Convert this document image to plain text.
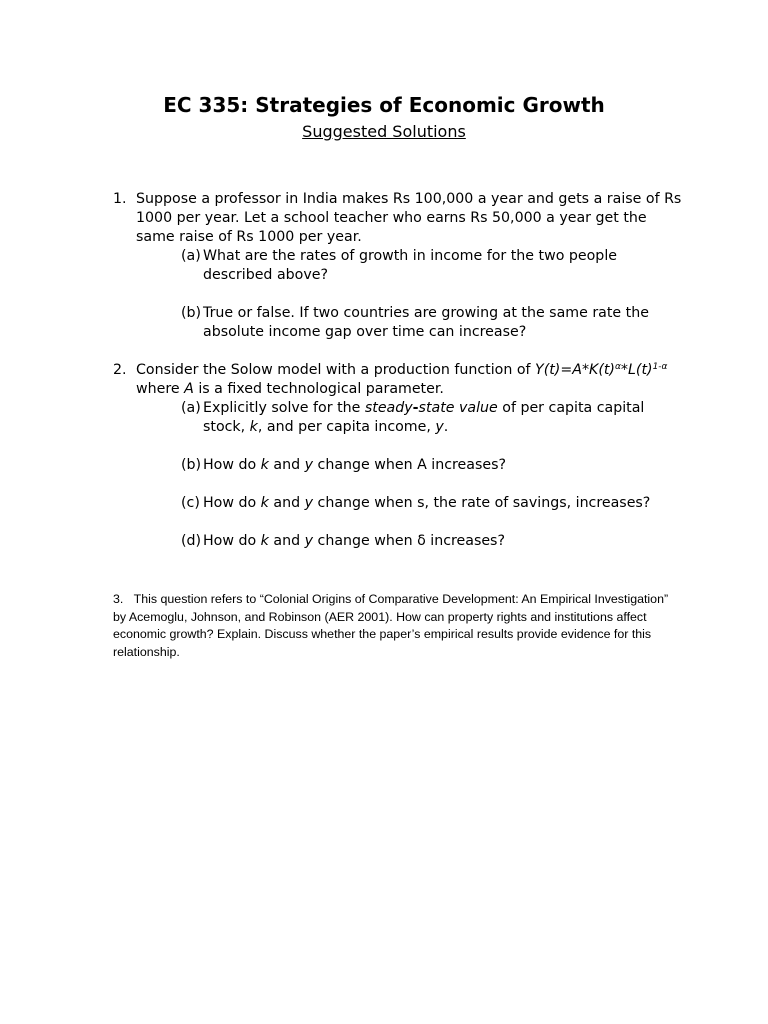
EC 335: Strategies of Economic Growth
Suggested Solutions
1. Suppose a professor in India makes Rs 100,000 a year and gets a raise of Rs 1000 per year. Let a school teacher who earns Rs 50,000 a year get the same raise of Rs 1000 per year.
(a) What are the rates of growth in income for the two people described above?
(b) True or false. If two countries are growing at the same rate the absolute income gap over time can increase?
2. Consider the Solow model with a production function of $Y(t)=A*K(t)^\alpha*L(t)^{1-\alpha}$
where A is a fixed technological parameter.
(a) Explicitly solve for the steady-state value of per capita capital stock, k, and per capita income, y.
(b) How do k and y change when A increases?
(c) How do k and y change when s, the rate of savings, increases?
(d) How do k and y change when δ increases?
3. This question refers to “Colonial Origins of Comparative Development: An Empirical Investigation” by Acemoglu, Johnson, and Robinson (AER 2001). How can property rights and institutions affect economic growth? Explain. Discuss whether the paper’s empirical results provide evidence for this relationship.
